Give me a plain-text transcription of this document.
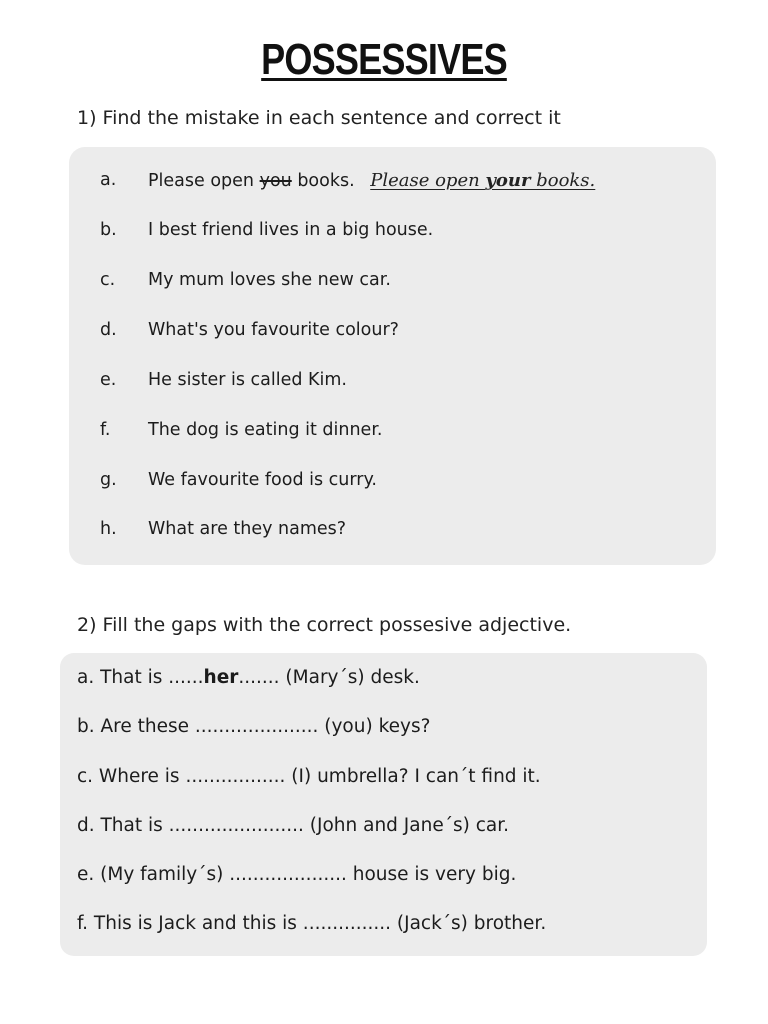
POSSESSIVES
1) Find the mistake in each sentence and correct it
a. Please open you books. Please open your books.
b. I best friend lives in a big house.
c. My mum loves she new car.
d. What's you favourite colour?
e. He sister is called Kim.
f. The dog is eating it dinner.
g. We favourite food is curry.
h. What are they names?
2) Fill the gaps with the correct possesive adjective.
a. That is ......her....... (Mary´s) desk.
b. Are these ..................... (you) keys?
c. Where is ................. (I) umbrella? I can´t find it.
d. That is ....................... (John and Jane´s) car.
e. (My family´s) .................... house is very big.
f. This is Jack and this is ............... (Jack´s) brother.
